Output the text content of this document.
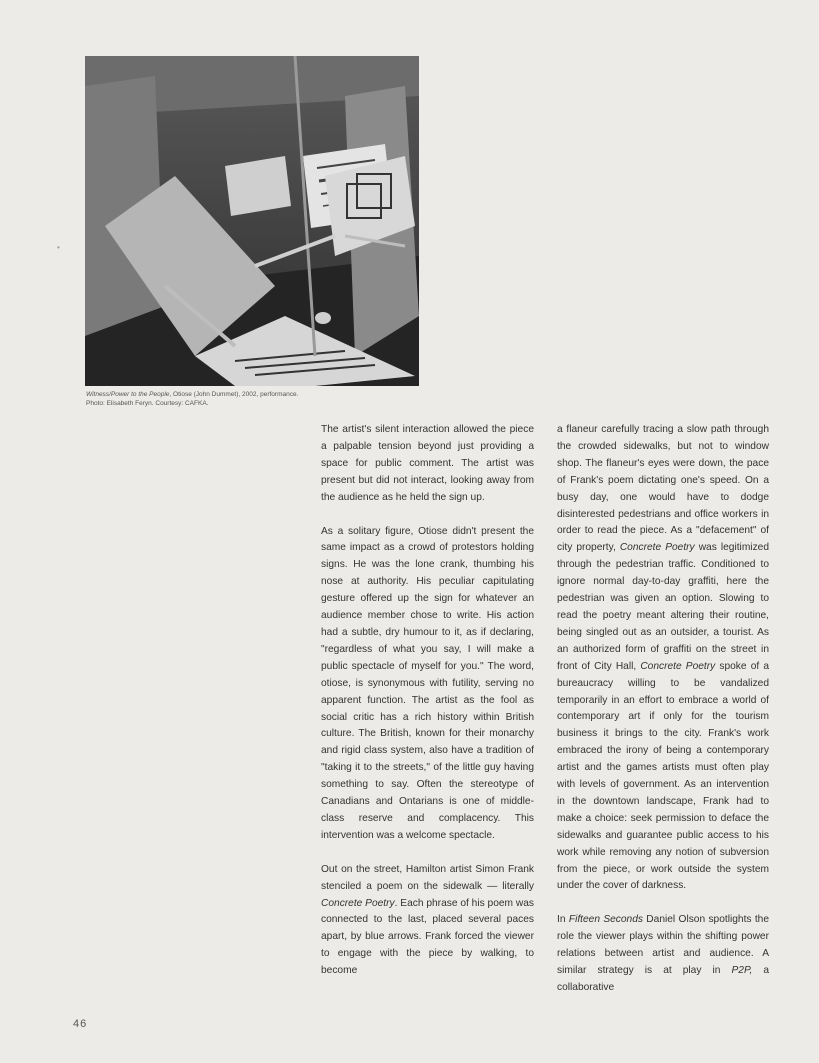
Witness/Power to the People, Otiose (John Dummet), 2002, performance.
Photo: Elisabeth Feryn. Courtesy: CAFKA.

The artist's silent interaction allowed the piece a palpable tension beyond just providing a space for public comment. The artist was present but did not interact, looking away from the audience as he held the sign up.

As a solitary figure, Otiose didn't present the same impact as a crowd of protestors holding signs. He was the lone crank, thumbing his nose at authority. His peculiar capitulating gesture offered up the sign for whatever an audience member chose to write. His action had a subtle, dry humour to it, as if declaring, "regardless of what you say, I will make a public spectacle of myself for you." The word, otiose, is synonymous with futility, serving no apparent function. The artist as the fool as social critic has a rich history within British culture. The British, known for their monarchy and rigid class system, also have a tradition of "taking it to the streets," of the little guy having something to say. Often the stereotype of Canadians and Ontarians is one of middle-class reserve and complacency. This intervention was a welcome spectacle.

Out on the street, Hamilton artist Simon Frank stenciled a poem on the sidewalk — literally Concrete Poetry. Each phrase of his poem was connected to the last, placed several paces apart, by blue arrows. Frank forced the viewer to engage with the piece by walking, to become

a flaneur carefully tracing a slow path through the crowded sidewalks, but not to window shop. The flaneur's eyes were down, the pace of Frank's poem dictating one's speed. On a busy day, one would have to dodge disinterested pedestrians and office workers in order to read the piece. As a "defacement" of city property, Concrete Poetry was legitimized through the pedestrian traffic. Conditioned to ignore normal day-to-day graffiti, here the pedestrian was given an option. Slowing to read the poetry meant altering their routine, being singled out as an outsider, a tourist. As an authorized form of graffiti on the street in front of City Hall, Concrete Poetry spoke of a bureaucracy willing to be vandalized temporarily in an effort to embrace a world of contemporary art if only for the tourism business it brings to the city. Frank's work embraced the irony of being a contemporary artist and the games artists must often play with levels of government. As an intervention in the downtown landscape, Frank had to make a choice: seek permission to deface the sidewalks and guarantee public access to his work while removing any notion of subversion from the piece, or work outside the system under the cover of darkness.

In Fifteen Seconds Daniel Olson spotlights the role the viewer plays within the shifting power relations between artist and audience. A similar strategy is at play in P2P, a collaborative

46
•
